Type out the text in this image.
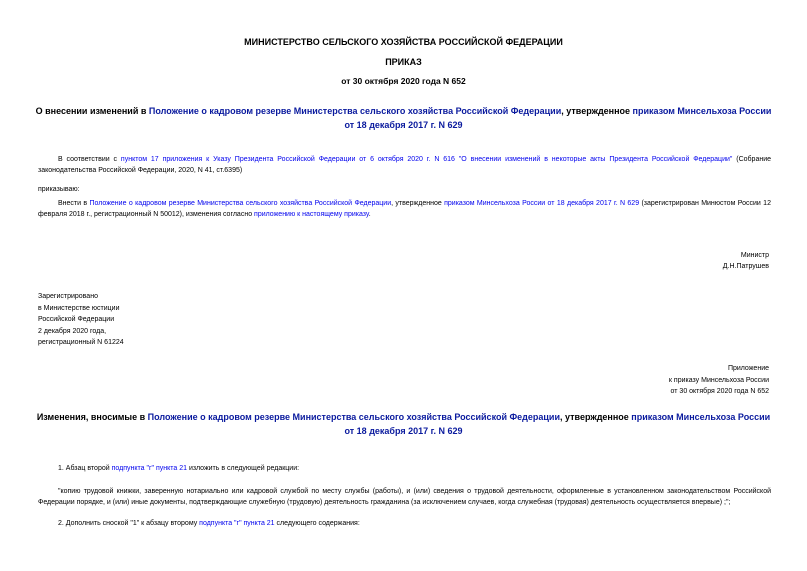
МИНИСТЕРСТВО СЕЛЬСКОГО ХОЗЯЙСТВА РОССИЙСКОЙ ФЕДЕРАЦИИ
ПРИКАЗ
от 30 октября 2020 года N 652
О внесении изменений в Положение о кадровом резерве Министерства сельского хозяйства Российской Федерации, утвержденное приказом Минсельхоза России от 18 декабря 2017 г. N 629
В соответствии с пунктом 17 приложения к Указу Президента Российской Федерации от 6 октября 2020 г. N 616 "О внесении изменений в некоторые акты Президента Российской Федерации" (Собрание законодательства Российской Федерации, 2020, N 41, ст.6395)
приказываю:
Внести в Положение о кадровом резерве Министерства сельского хозяйства Российской Федерации, утвержденное приказом Минсельхоза России от 18 декабря 2017 г. N 629 (зарегистрирован Минюстом России 12 февраля 2018 г., регистрационный N 50012), изменения согласно приложению к настоящему приказу.
Министр
Д.Н.Патрушев
Зарегистрировано
в Министерстве юстиции
Российской Федерации
2 декабря 2020 года,
регистрационный N 61224
Приложение
к приказу Минсельхоза России
от 30 октября 2020 года N 652
Изменения, вносимые в Положение о кадровом резерве Министерства сельского хозяйства Российской Федерации, утвержденное приказом Минсельхоза России от 18 декабря 2017 г. N 629
1. Абзац второй подпункта "г" пункта 21 изложить в следующей редакции:
"копию трудовой книжки, заверенную нотариально или кадровой службой по месту службы (работы), и (или) сведения о трудовой деятельности, оформленные в установленном законодательством Российской Федерации порядке, и (или) иные документы, подтверждающие служебную (трудовую) деятельность гражданина (за исключением случаев, когда служебная (трудовая) деятельность осуществляется впервые) ;";
2. Дополнить сноской "1" к абзацу второму подпункта "г" пункта 21 следующего содержания:
